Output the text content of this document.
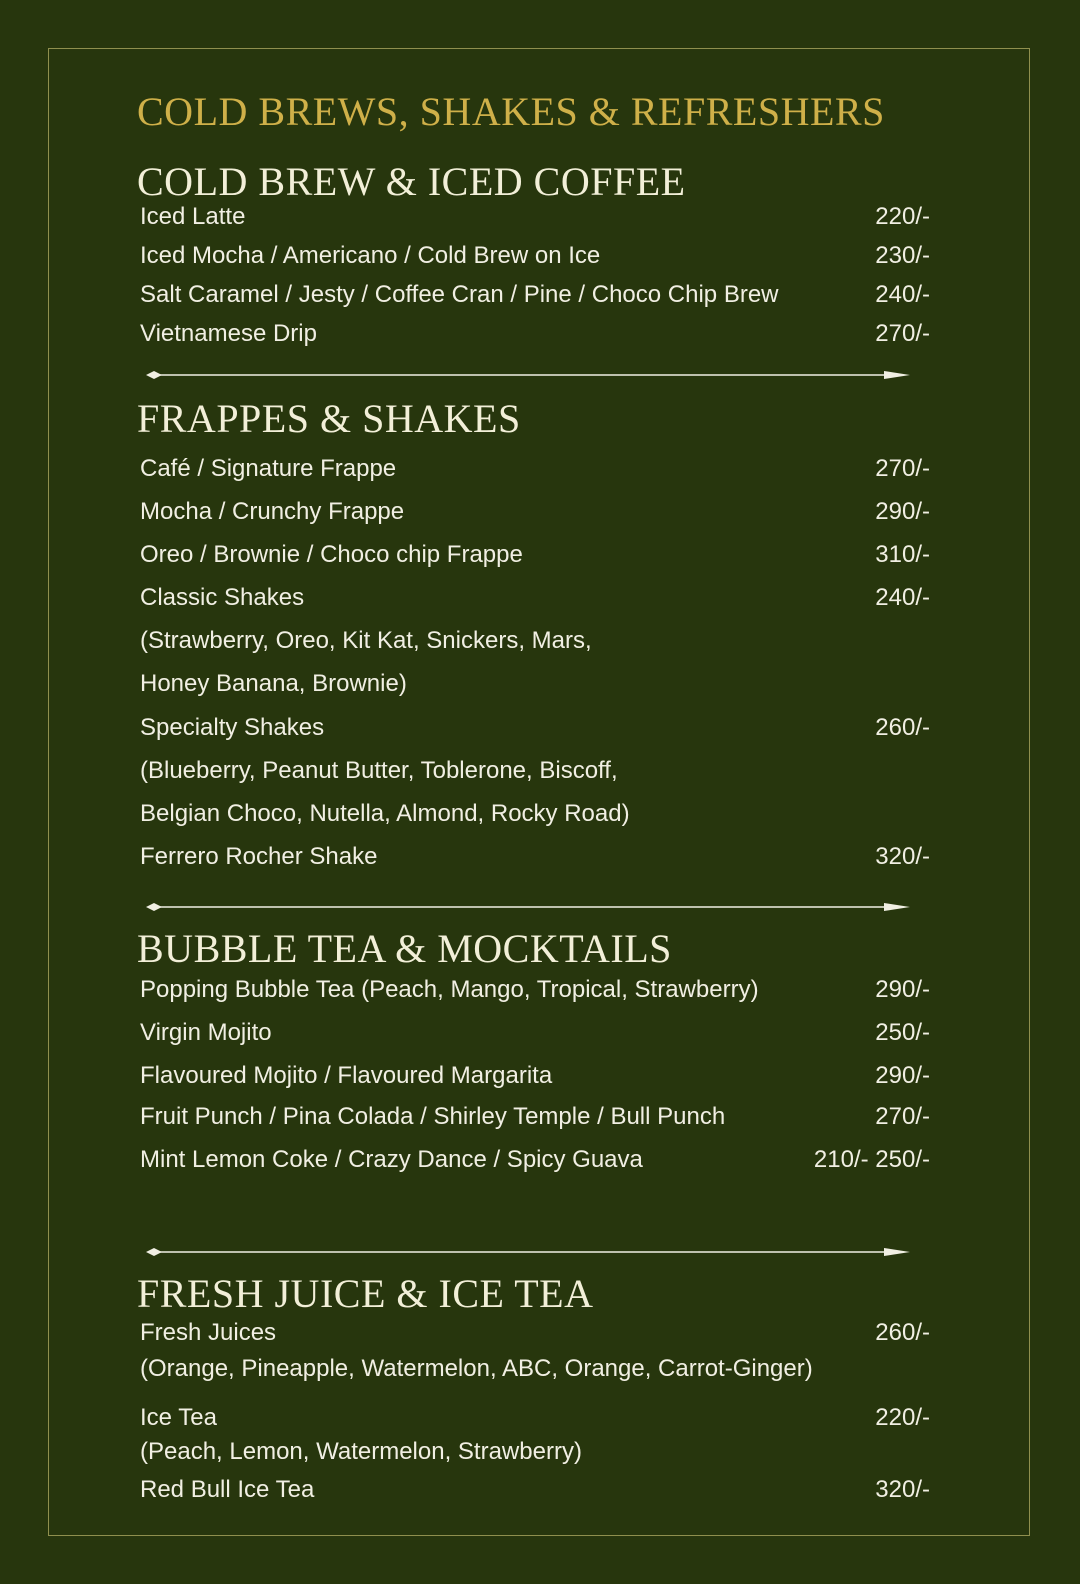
COLD BREWS, SHAKES & REFRESHERS
COLD BREW & ICED COFFEE
Iced Latte	220/-
Iced Mocha / Americano / Cold Brew on Ice	230/-
Salt Caramel / Jesty / Coffee Cran / Pine / Choco Chip Brew	240/-
Vietnamese Drip	270/-
FRAPPES & SHAKES
Café / Signature Frappe	270/-
Mocha / Crunchy Frappe	290/-
Oreo / Brownie / Choco chip Frappe	310/-
Classic Shakes	240/-
(Strawberry, Oreo, Kit Kat, Snickers, Mars,
Honey Banana, Brownie)
Specialty Shakes	260/-
(Blueberry, Peanut Butter, Toblerone, Biscoff,
Belgian Choco, Nutella, Almond, Rocky Road)
Ferrero Rocher Shake	320/-
BUBBLE TEA & MOCKTAILS
Popping Bubble Tea (Peach, Mango, Tropical, Strawberry)	290/-
Virgin Mojito	250/-
Flavoured Mojito / Flavoured Margarita	290/-
Fruit Punch / Pina Colada / Shirley Temple / Bull Punch	270/-
Mint Lemon Coke / Crazy Dance / Spicy Guava	210/- 250/-
FRESH JUICE & ICE TEA
Fresh Juices	260/-
(Orange, Pineapple, Watermelon, ABC, Orange, Carrot-Ginger)
Ice Tea	220/-
(Peach, Lemon, Watermelon, Strawberry)
Red Bull Ice Tea	320/-
